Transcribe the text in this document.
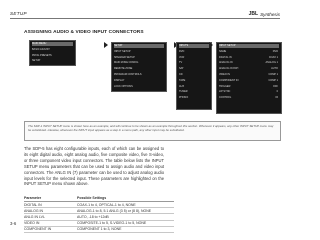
SETUP	JBL Synthesis
ASSIGNING AUDIO & VIDEO INPUT CONNECTORS
MAIN MENU
BASIC ADJUST
PROG PRESETS
SETUP
SETUP
INPUT SETUP
SPEAKER SETUP
MAIN ZONE CONFIG
REMOTE ZONE
PROGRAM CONTROLS
DISPLAY
LOCK OPTIONS
INPUTS
DVD
VCR
TV
SAT
CD
TAPE
AUX
TUNER
PHONO
INPUT SETUP
NAME	DVD
DIGITAL IN	COAX 1
ANALOG IN	ANALOG 1
ANALOG IN 8CH	AUTO
VIDEO IN	COMP 1
COMPONENT IN	COMP 1
TRIGGER	OFF
LIP SYNC	0
CONTROL	IR
The SDP-1 INPUT SETUP menu is shown here as an example, and will continue to be shown as an example throughout this section. Whenever it appears, any other INPUT SETUP menu may be substituted. Likewise, whenever the INPUT input appears as a step in a menu path, any other input may be substituted.
The SDP-5 has eight configurable inputs, each of which can be assigned to its eight digital audio, eight analog audio, five composite video, five S-video, or three component video input connectors. The table below lists the INPUT SETUP menu parameters that can be used to assign audio and video input connectors. The ANLG IN (7) parameter can be used to adjust analog audio input levels for the selected input. These parameters are highlighted on the INPUT SETUP menu shown above.
Parameter	Possible Settings
DIGITAL IN	COAX-1 to 4, OPTICAL-1 to 4, NONE
ANALOG IN	ANALOG-1 to 8, 5.1 ANLG (3 5) or (8 8), NONE
ANLG IN LVL	AUTO, -18 to +12dB
VIDEO IN	COMPOSITE-1 to 5, S-VIDEO-1 to 5, NONE
COMPONENT IN	COMPONENT 1 to 3, NONE
3-6
